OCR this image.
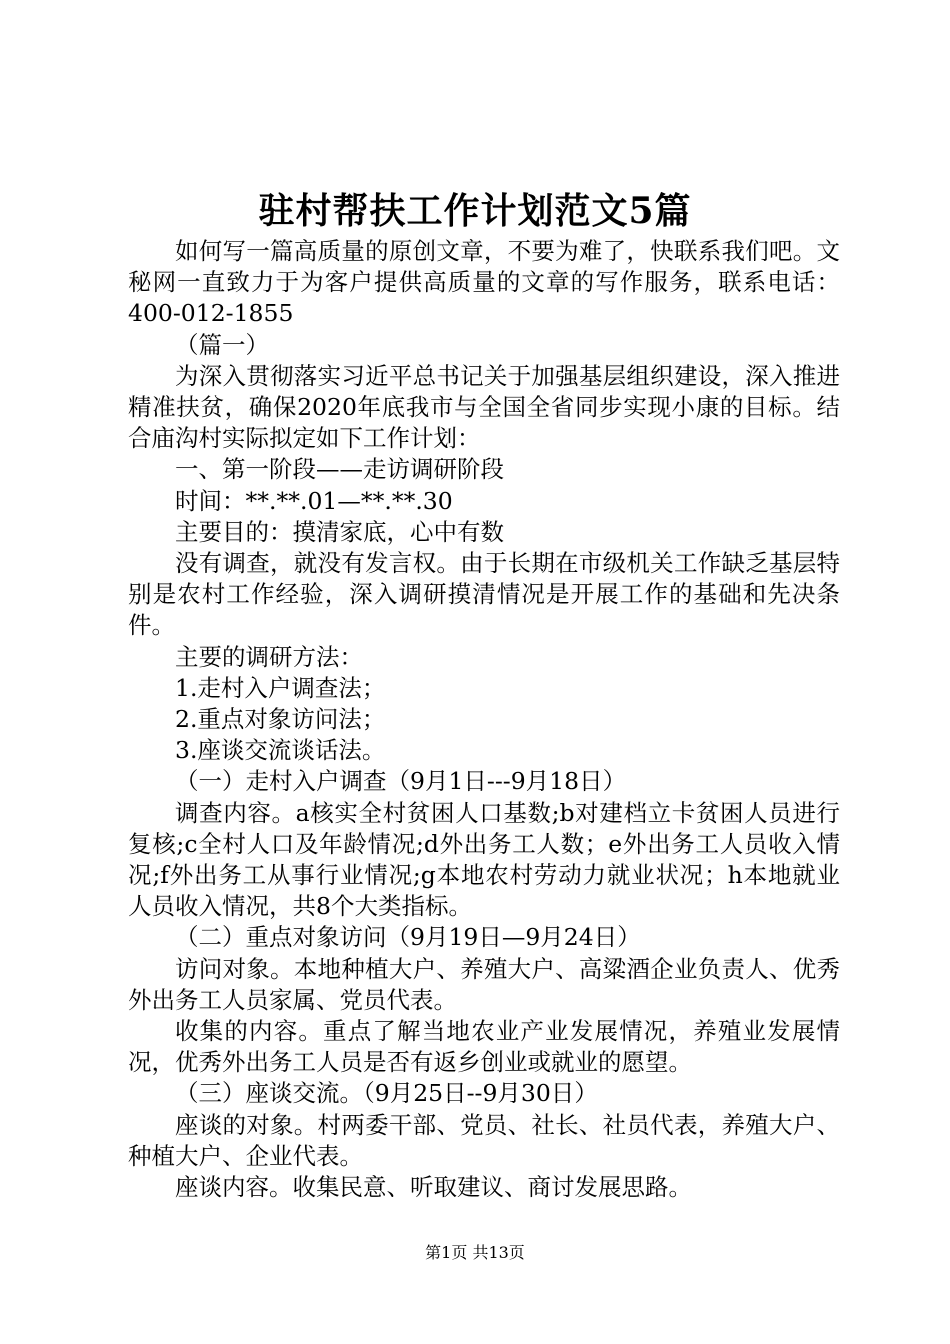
驻村帮扶工作计划范文5篇

如何写一篇高质量的原创文章，不要为难了，快联系我们吧。文秘网一直致力于为客户提供高质量的文章的写作服务，联系电话：400-012-1855

（篇一）

为深入贯彻落实习近平总书记关于加强基层组织建设，深入推进精准扶贫，确保2020年底我市与全国全省同步实现小康的目标。结合庙沟村实际拟定如下工作计划：

一、第一阶段——走访调研阶段

时间：**.**.01—**.**.30

主要目的：摸清家底，心中有数

没有调查，就没有发言权。由于长期在市级机关工作缺乏基层特别是农村工作经验，深入调研摸清情况是开展工作的基础和先决条件。

主要的调研方法：

1.走村入户调查法；

2.重点对象访问法；

3.座谈交流谈话法。

（一）走村入户调查（9月1日---9月18日）

调查内容。a核实全村贫困人口基数;b对建档立卡贫困人员进行复核;c全村人口及年龄情况;d外出务工人数；e外出务工人员收入情况;f外出务工从事行业情况;g本地农村劳动力就业状况；h本地就业人员收入情况，共8个大类指标。

（二）重点对象访问（9月19日—9月24日）

访问对象。本地种植大户、养殖大户、高粱酒企业负责人、优秀外出务工人员家属、党员代表。

收集的内容。重点了解当地农业产业发展情况，养殖业发展情况，优秀外出务工人员是否有返乡创业或就业的愿望。

（三）座谈交流。（9月25日--9月30日）

座谈的对象。村两委干部、党员、社长、社员代表，养殖大户、种植大户、企业代表。

座谈内容。收集民意、听取建议、商讨发展思路。

第1页 共13页
